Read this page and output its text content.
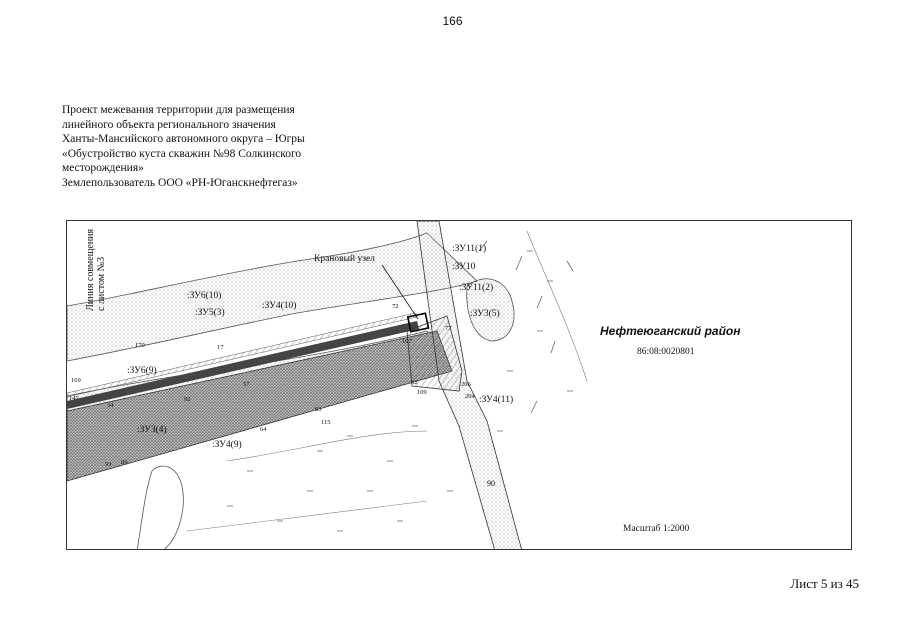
166
Проект межевания территории для размещения
линейного объекта регионального значения
Ханты-Мансийского автономного округа – Югры
«Обустройство куста скважин №98 Солкинского
месторождения»
Землепользователь ООО «РН-Юганскнефтегаз»
Линия совмещения с листом №3	Крановый узел
:ЗУ11(1)
:ЗУ10
:ЗУ11(2)
:ЗУ3(5)
:ЗУ6(10)
:ЗУ5(3)
:ЗУ4(10)
:ЗУ6(9)
:ЗУ3(4)
:ЗУ4(9)
:ЗУ4(11)
170
169
147
72
107
109
206
204
90
77
63
115
64
17
57
92
34
93 89
62
Нефтеюганский район
86:08:0020801
Масштаб 1:2000
Лист 5 из 45
